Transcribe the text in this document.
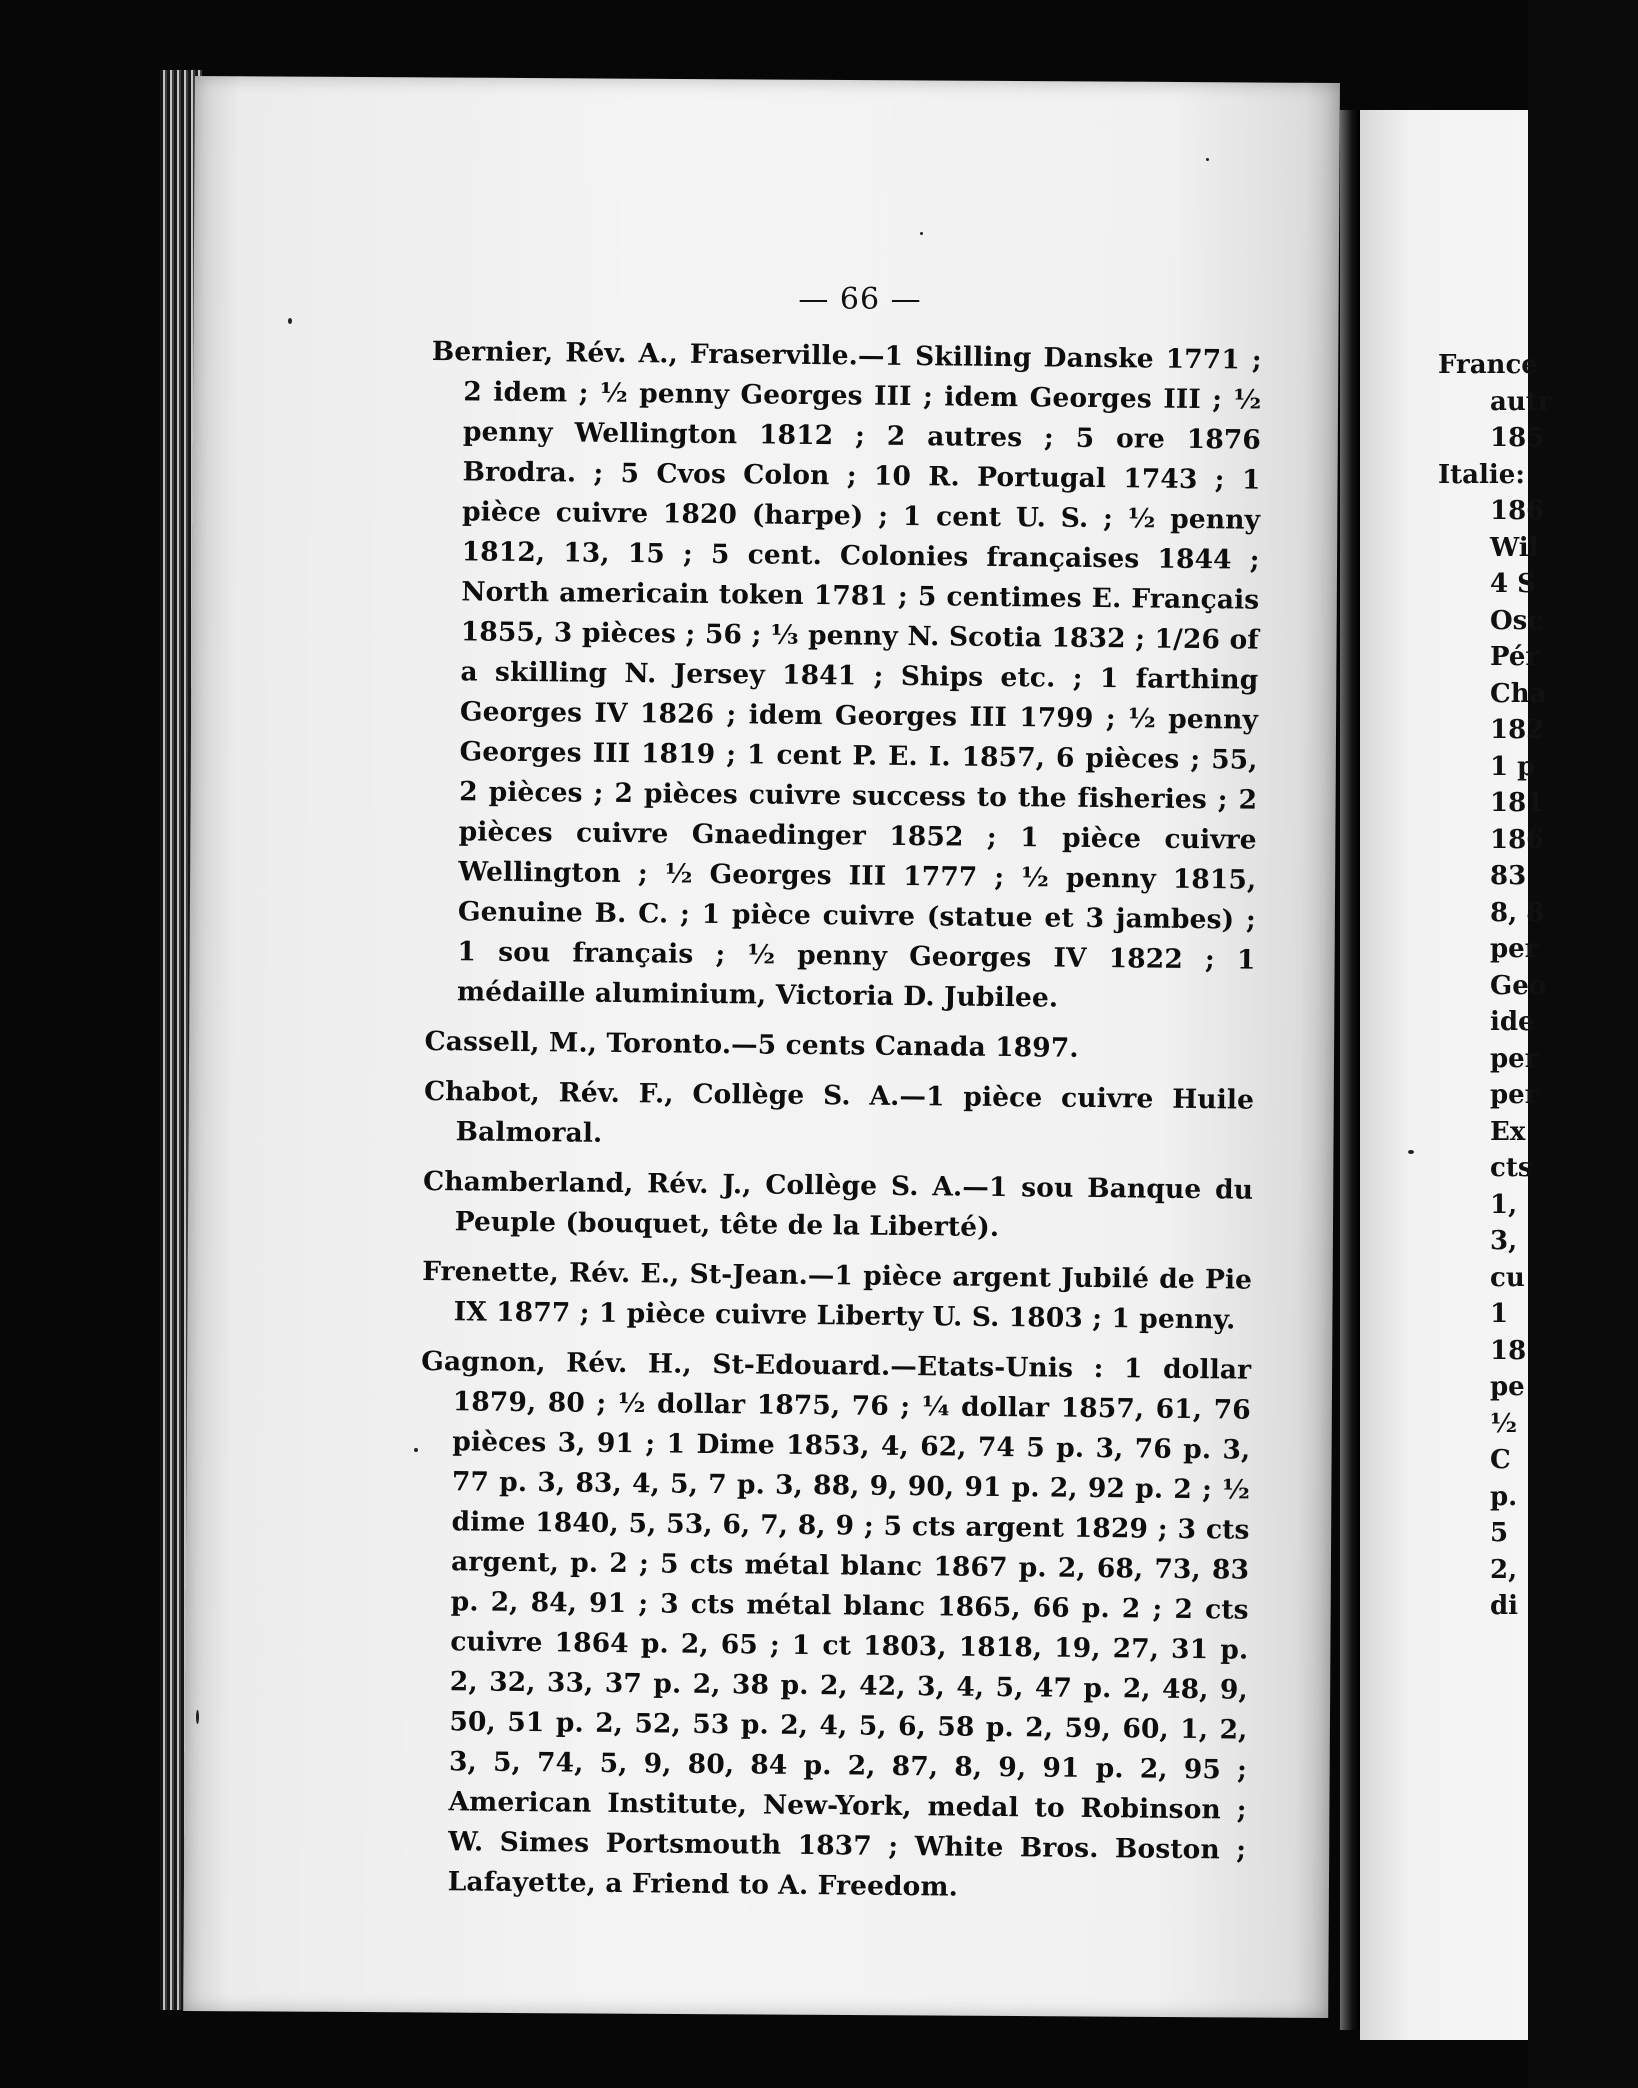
— 66 —

Bernier, Rév. A., Fraserville.—1 Skilling Danske 1771 ; 2 idem ; ½ penny Georges III ; idem Georges III ; ½ penny Wellington 1812 ; 2 autres ; 5 ore 1876 Brodra. ; 5 Cvos Colon ; 10 R. Portugal 1743 ; 1 pièce cuivre 1820 (harpe) ; 1 cent U. S. ; ½ penny 1812, 13, 15 ; 5 cent. Colonies françaises 1844 ; North americain token 1781 ; 5 centimes E. Français 1855, 3 pièces ; 56 ; ⅓ penny N. Scotia 1832 ; 1/26 of a skilling N. Jersey 1841 ; Ships etc. ; 1 farthing Georges IV 1826 ; idem Georges III 1799 ; ½ penny Georges III 1819 ; 1 cent P. E. I. 1857, 6 pièces ; 55, 2 pièces ; 2 pièces cuivre success to the fisheries ; 2 pièces cuivre Gnaedinger 1852 ; 1 pièce cuivre Wellington ; ½ Georges III 1777 ; ½ penny 1815, Genuine B. C. ; 1 pièce cuivre (statue et 3 jambes) ; 1 sou français ; ½ penny Georges IV 1822 ; 1 médaille aluminium, Victoria D. Jubilee.

Cassell, M., Toronto.—5 cents Canada 1897.

Chabot, Rév. F., Collège S. A.—1 pièce cuivre Huile Balmoral.

Chamberland, Rév. J., Collège S. A.—1 sou Banque du Peuple (bouquet, tête de la Liberté).

Frenette, Rév. E., St-Jean.—1 pièce argent Jubilé de Pie IX 1877 ; 1 pièce cuivre Liberty U. S. 1803 ; 1 penny.

Gagnon, Rév. H., St-Edouard.—Etats-Unis : 1 dollar 1879, 80 ; ½ dollar 1875, 76 ; ¼ dollar 1857, 61, 76 pièces 3, 91 ; 1 Dime 1853, 4, 62, 74 5 p. 3, 76 p. 3, 77 p. 3, 83, 4, 5, 7 p. 3, 88, 9, 90, 91 p. 2, 92 p. 2 ; ½ dime 1840, 5, 53, 6, 7, 8, 9 ; 5 cts argent 1829 ; 3 cts argent, p. 2 ; 5 cts métal blanc 1867 p. 2, 68, 73, 83 p. 2, 84, 91 ; 3 cts métal blanc 1865, 66 p. 2 ; 2 cts cuivre 1864 p. 2, 65 ; 1 ct 1803, 1818, 19, 27, 31 p. 2, 32, 33, 37 p. 2, 38 p. 2, 42, 3, 4, 5, 47 p. 2, 48, 9, 50, 51 p. 2, 52, 53 p. 2, 4, 5, 6, 58 p. 2, 59, 60, 1, 2, 3, 5, 74, 5, 9, 80, 84 p. 2, 87, 8, 9, 91 p. 2, 95 ; American Institute, New-York, medal to Robinson ; W. Simes Portsmouth 1837 ; White Bros. Boston ; Lafayette, a Friend to A. Freedom.

France
autr
185
Italie:
186
Wil
4 S
Osc
Pér
Cha
182
1 p
181
186
83
8, 8
per
Geo
ide
per
per
Ex
cts
1,
3,
cu
1
18
pe
½
C
p.
5
2,
di
